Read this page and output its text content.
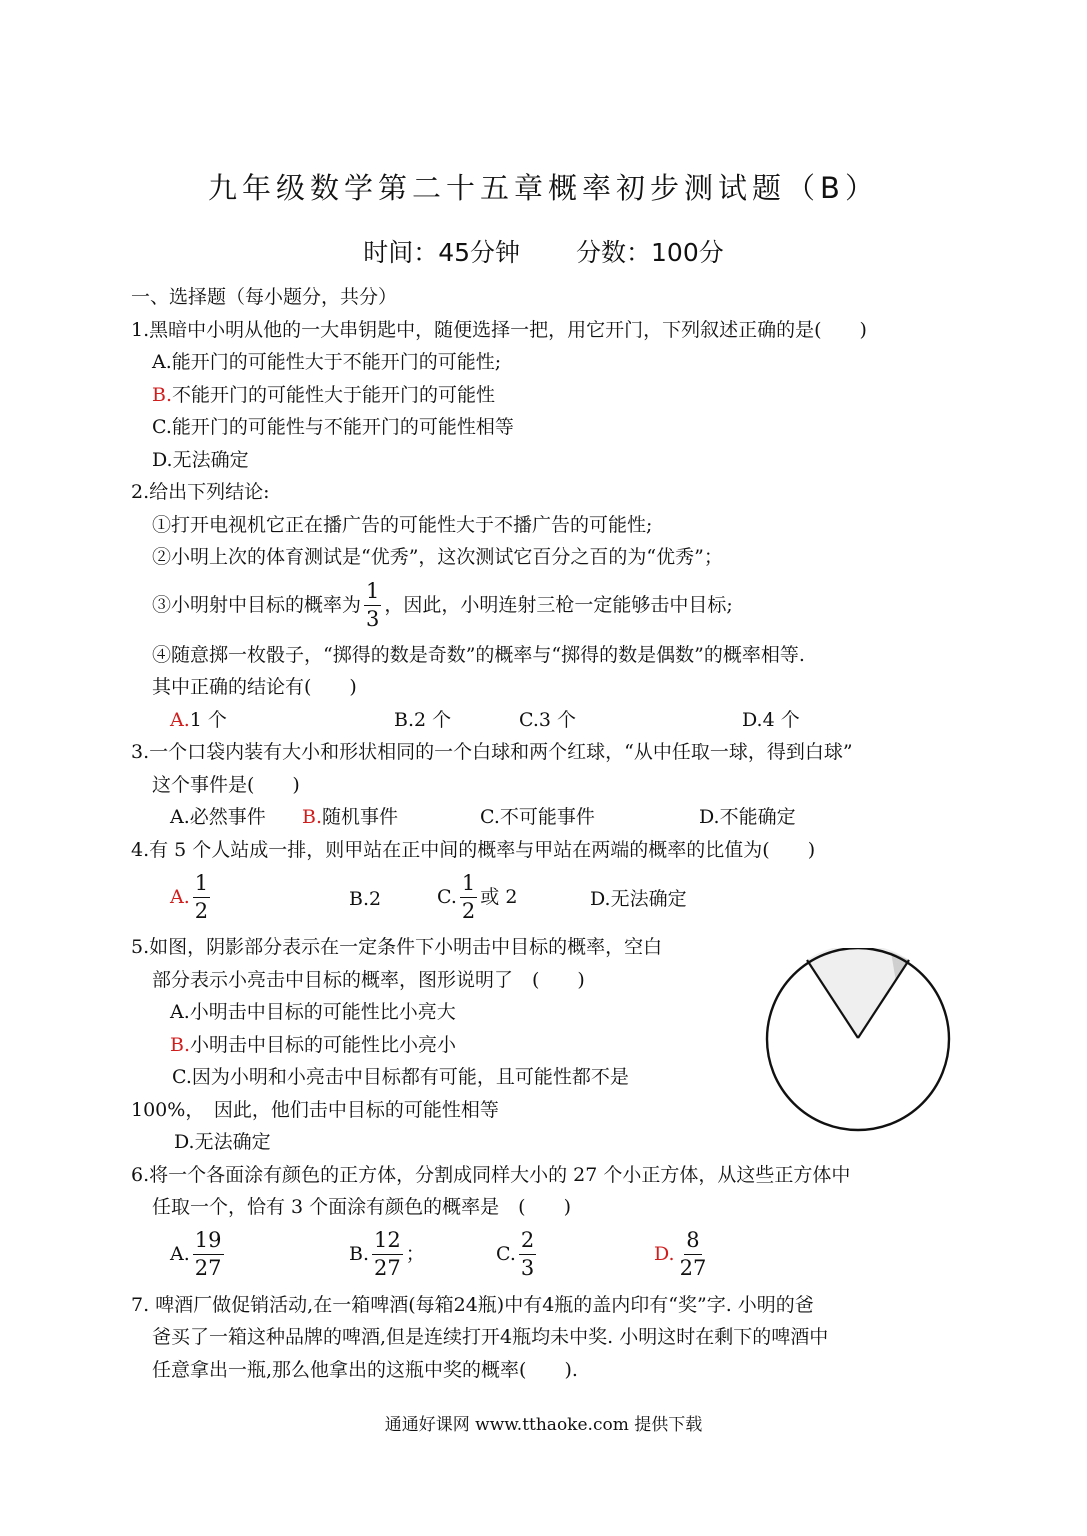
九年级数学第二十五章概率初步测试题（B）
时间：45分钟 分数：100分
一、选择题（每小题分，共分）
1.黑暗中小明从他的一大串钥匙中，随便选择一把，用它开门，下列叙述正确的是(　　)
A.能开门的可能性大于不能开门的可能性;
B.不能开门的可能性大于能开门的可能性
C.能开门的可能性与不能开门的可能性相等
D.无法确定
2.给出下列结论:
①打开电视机它正在播广告的可能性大于不播广告的可能性;
②小明上次的体育测试是“优秀”，这次测试它百分之百的为“优秀”；
③小明射中目标的概率为 $\frac{1}{3}$ ，因此，小明连射三枪一定能够击中目标;
④随意掷一枚骰子，“掷得的数是奇数”的概率与“掷得的数是偶数”的概率相等.
其中正确的结论有(　　)
A.1 个	B.2 个	C.3 个	D.4 个
3.一个口袋内装有大小和形状相同的一个白球和两个红球，“从中任取一球，得到白球”
这个事件是(　　)
A.必然事件 B.随机事件	C.不可能事件	D.不能确定
4.有 5 个人站成一排，则甲站在正中间的概率与甲站在两端的概率的比值为(　　)
A. $\frac{1}{2}$	B.2	C. $\frac{1}{2}$ 或 2	D.无法确定
5.如图，阴影部分表示在一定条件下小明击中目标的概率，空白
部分表示小亮击中目标的概率，图形说明了　(　　)
A.小明击中目标的可能性比小亮大
B.小明击中目标的可能性比小亮小
C.因为小明和小亮击中目标都有可能，且可能性都不是
100%，　因此，他们击中目标的可能性相等
D.无法确定
6.将一个各面涂有颜色的正方体，分割成同样大小的 27 个小正方体，从这些正方体中
任取一个，恰有 3 个面涂有颜色的概率是　(　　)
A. $\frac{19}{27}$	B. $\frac{12}{27}$ ；	C. $\frac{2}{3}$	D. $\frac{8}{27}$
7. 啤酒厂做促销活动,在一箱啤酒(每箱24瓶)中有4瓶的盖内印有“奖”字. 小明的爸
爸买了一箱这种品牌的啤酒,但是连续打开4瓶均未中奖. 小明这时在剩下的啤酒中
任意拿出一瓶,那么他拿出的这瓶中奖的概率(　　).
通通好课网 www.tthaoke.com 提供下载
